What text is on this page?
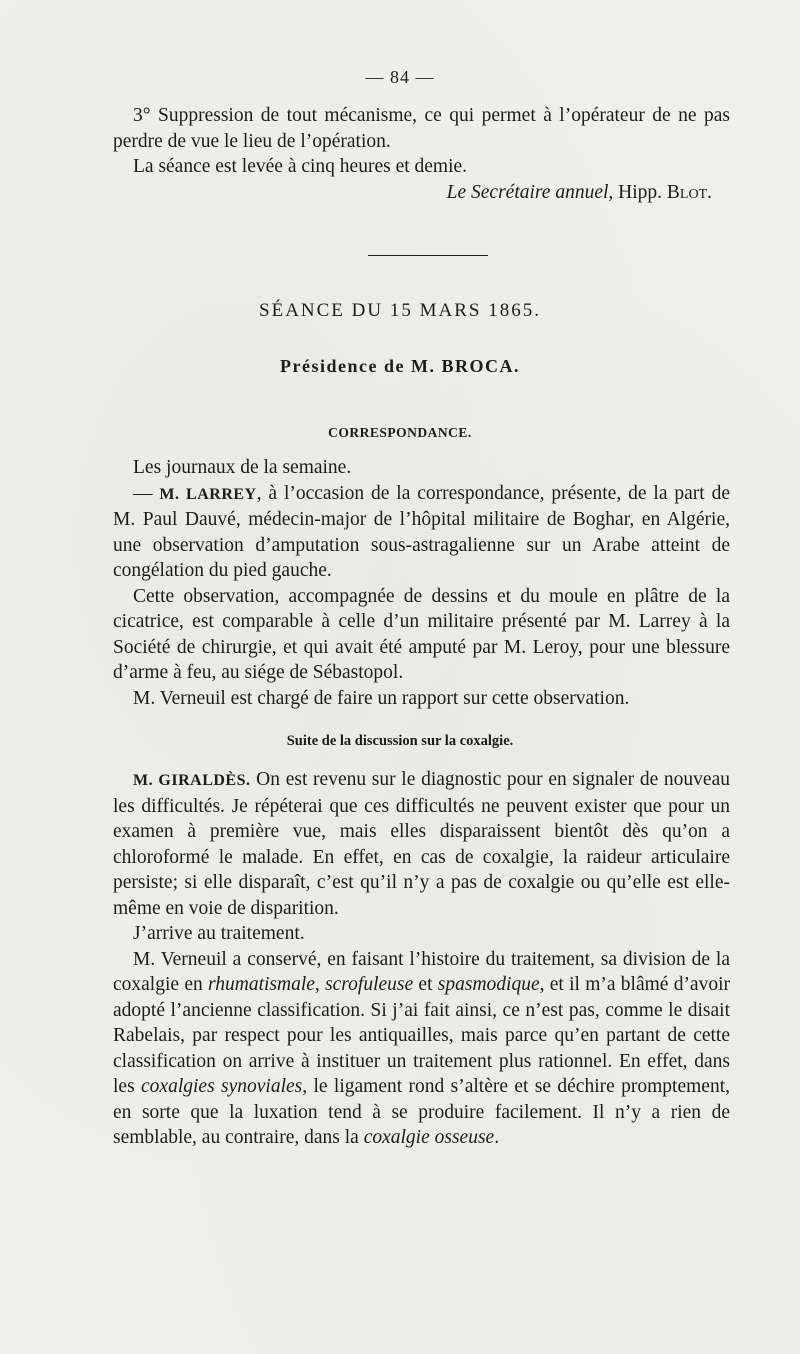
— 84 —

3° Suppression de tout mécanisme, ce qui permet à l’opérateur de ne pas perdre de vue le lieu de l’opération.

La séance est levée à cinq heures et demie.

Le Secrétaire annuel, Hipp. Blot.

SÉANCE DU 15 MARS 1865.
Présidence de M. BROCA.
CORRESPONDANCE.

Les journaux de la semaine.

— M. LARREY, à l’occasion de la correspondance, présente, de la part de M. Paul Dauvé, médecin-major de l’hôpital militaire de Boghar, en Algérie, une observation d’amputation sous-astragalienne sur un Arabe atteint de congélation du pied gauche.

Cette observation, accompagnée de dessins et du moule en plâtre de la cicatrice, est comparable à celle d’un militaire présenté par M. Larrey à la Société de chirurgie, et qui avait été amputé par M. Leroy, pour une blessure d’arme à feu, au siége de Sébastopol.

M. Verneuil est chargé de faire un rapport sur cette observation.

Suite de la discussion sur la coxalgie.

M. GIRALDÈS. On est revenu sur le diagnostic pour en signaler de nouveau les difficultés. Je répéterai que ces difficultés ne peuvent exister que pour un examen à première vue, mais elles disparaissent bientôt dès qu’on a chloroformé le malade. En effet, en cas de coxalgie, la raideur articulaire persiste; si elle disparaît, c’est qu’il n’y a pas de coxalgie ou qu’elle est elle-même en voie de disparition.

J’arrive au traitement.

M. Verneuil a conservé, en faisant l’histoire du traitement, sa division de la coxalgie en rhumatismale, scrofuleuse et spasmodique, et il m’a blâmé d’avoir adopté l’ancienne classification. Si j’ai fait ainsi, ce n’est pas, comme le disait Rabelais, par respect pour les antiquailles, mais parce qu’en partant de cette classification on arrive à instituer un traitement plus rationnel. En effet, dans les coxalgies synoviales, le ligament rond s’altère et se déchire promptement, en sorte que la luxation tend à se produire facilement. Il n’y a rien de semblable, au contraire, dans la coxalgie osseuse.
